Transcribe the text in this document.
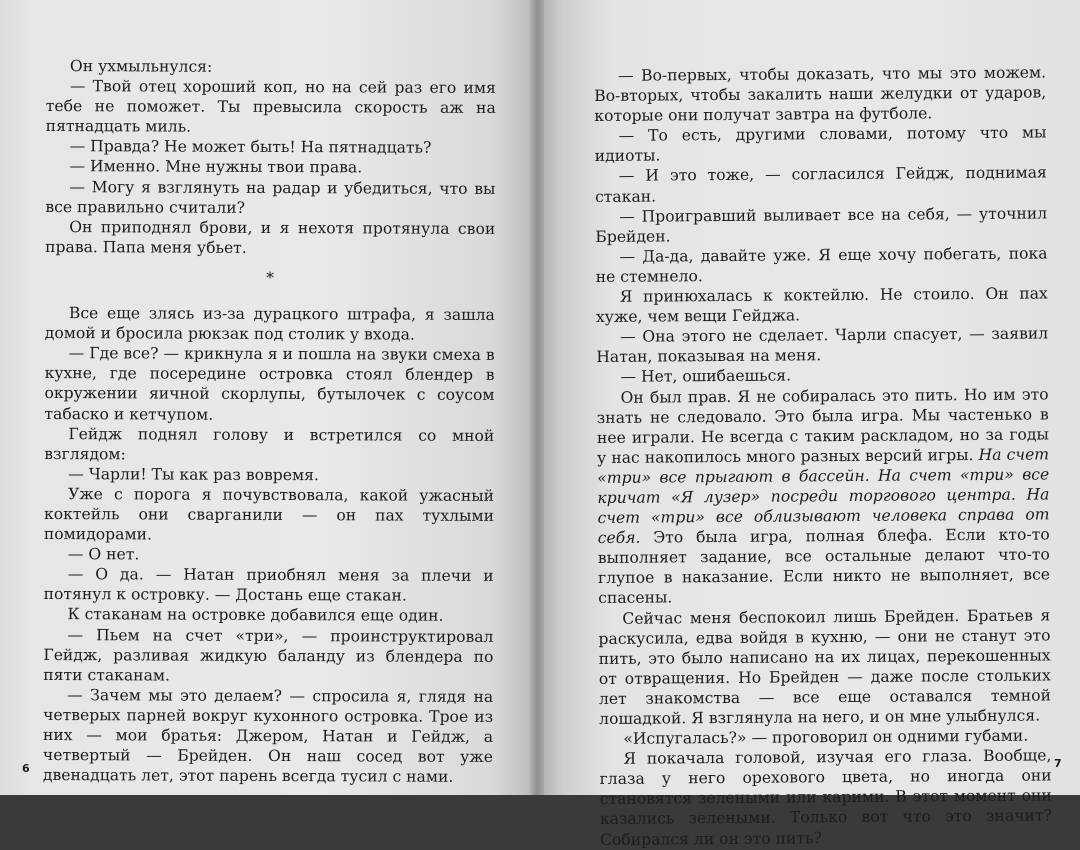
Он ухмыльнулся:

— Твой отец хороший коп, но на сей раз его имя тебе не поможет. Ты превысила скорость аж на пятнадцать миль.

— Правда? Не может быть! На пятнадцать?

— Именно. Мне нужны твои права.

— Могу я взглянуть на радар и убедиться, что вы все правильно считали?

Он приподнял брови, и я нехотя протянула свои права. Папа меня убьет.

*

Все еще злясь из-за дурацкого штрафа, я зашла домой и бросила рюкзак под столик у входа.

— Где все? — крикнула я и пошла на звуки смеха в кухне, где посередине островка стоял блендер в окружении яичной скорлупы, бутылочек с соусом табаско и кетчупом.

Гейдж поднял голову и встретился со мной взглядом:

— Чарли! Ты как раз вовремя.

Уже с порога я почувствовала, какой ужасный коктейль они сварганили — он пах тухлыми помидорами.

— О нет.

— О да. — Натан приобнял меня за плечи и потянул к островку. — Достань еще стакан.

К стаканам на островке добавился еще один.

— Пьем на счет «три», — проинструктировал Гейдж, разливая жидкую баланду из блендера по пяти стаканам.

— Зачем мы это делаем? — спросила я, глядя на четверых парней вокруг кухонного островка. Трое из них — мои братья: Джером, Натан и Гейдж, а четвертый — Брейден. Он наш сосед вот уже двенадцать лет, этот парень всегда тусил с нами.

6

— Во-первых, чтобы доказать, что мы это можем. Во-вторых, чтобы закалить наши желудки от ударов, которые они получат завтра на футболе.

— То есть, другими словами, потому что мы идиоты.

— И это тоже, — согласился Гейдж, поднимая стакан.

— Проигравший выливает все на себя, — уточнил Брейден.

— Да-да, давайте уже. Я еще хочу побегать, пока не стемнело.

Я принюхалась к коктейлю. Не стоило. Он пах хуже, чем вещи Гейджа.

— Она этого не сделает. Чарли спасует, — заявил Натан, показывая на меня.

— Нет, ошибаешься.

Он был прав. Я не собиралась это пить. Но им это знать не следовало. Это была игра. Мы частенько в нее играли. Не всегда с таким раскладом, но за годы у нас накопилось много разных версий игры. На счет «три» все прыгают в бассейн. На счет «три» все кричат «Я лузер» посреди торгового центра. На счет «три» все облизывают человека справа от себя. Это была игра, полная блефа. Если кто-то выполняет задание, все остальные делают что-то глупое в наказание. Если никто не выполняет, все спасены.

Сейчас меня беспокоил лишь Брейден. Братьев я раскусила, едва войдя в кухню, — они не станут это пить, это было написано на их лицах, перекошенных от отвращения. Но Брейден — даже после стольких лет знакомства — все еще оставался темной лошадкой. Я взглянула на него, и он мне улыбнулся.

«Испугалась?» — проговорил он одними губами.

Я покачала головой, изучая его глаза. Вообще, глаза у него орехового цвета, но иногда они становятся зелеными или карими. В этот момент они казались зелеными. Только вот что это значит? Собирался ли он это пить?

7
